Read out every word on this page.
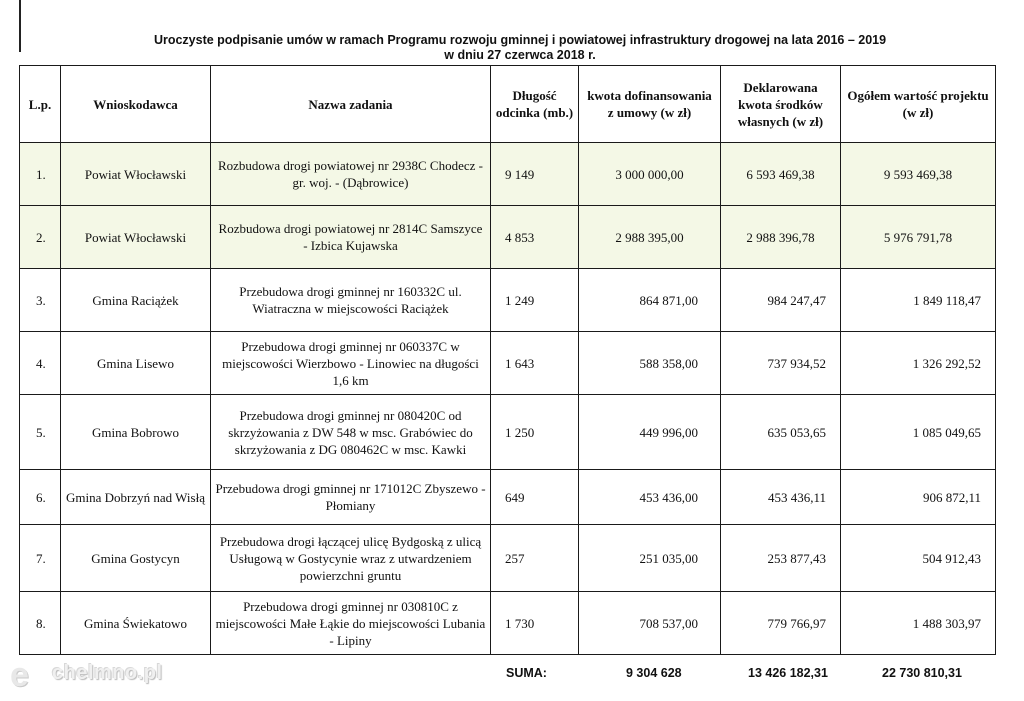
Uroczyste podpisanie umów w ramach Programu rozwoju gminnej i powiatowej infrastruktury drogowej na lata 2016 – 2019
w dniu 27 czerwca 2018 r.
L.p.	Wnioskodawca	Nazwa zadania	Długość odcinka (mb.)	kwota dofinansowania z umowy (w zł)	Deklarowana kwota środków własnych (w zł)	Ogółem wartość projektu (w zł)
1.	Powiat Włocławski	Rozbudowa drogi powiatowej nr 2938C Chodecz - gr. woj. - (Dąbrowice)	9 149	3 000 000,00	6 593 469,38	9 593 469,38
2.	Powiat Włocławski	Rozbudowa drogi powiatowej nr 2814C Samszyce - Izbica Kujawska	4 853	2 988 395,00	2 988 396,78	5 976 791,78
3.	Gmina Raciążek	Przebudowa drogi gminnej nr 160332C ul. Wiatraczna w miejscowości Raciążek	1 249	864 871,00	984 247,47	1 849 118,47
4.	Gmina Lisewo	Przebudowa drogi gminnej nr 060337C w miejscowości Wierzbowo - Linowiec na długości 1,6 km	1 643	588 358,00	737 934,52	1 326 292,52
5.	Gmina Bobrowo	Przebudowa drogi gminnej nr 080420C od skrzyżowania z DW 548 w msc. Grabówiec do skrzyżowania z DG 080462C w msc. Kawki	1 250	449 996,00	635 053,65	1 085 049,65
6.	Gmina Dobrzyń nad Wisłą	Przebudowa drogi gminnej nr 171012C Zbyszewo - Płomiany	649	453 436,00	453 436,11	906 872,11
7.	Gmina Gostycyn	Przebudowa drogi łączącej ulicę Bydgoską z ulicą Usługową w Gostycynie wraz z utwardzeniem powierzchni gruntu	257	251 035,00	253 877,43	504 912,43
8.	Gmina Świekatowo	Przebudowa drogi gminnej nr 030810C z miejscowości Małe Łąkie do miejscowości Lubania - Lipiny	1 730	708 537,00	779 766,97	1 488 303,97
SUMA:	9 304 628	13 426 182,31	22 730 810,31
e chelmno.pl
